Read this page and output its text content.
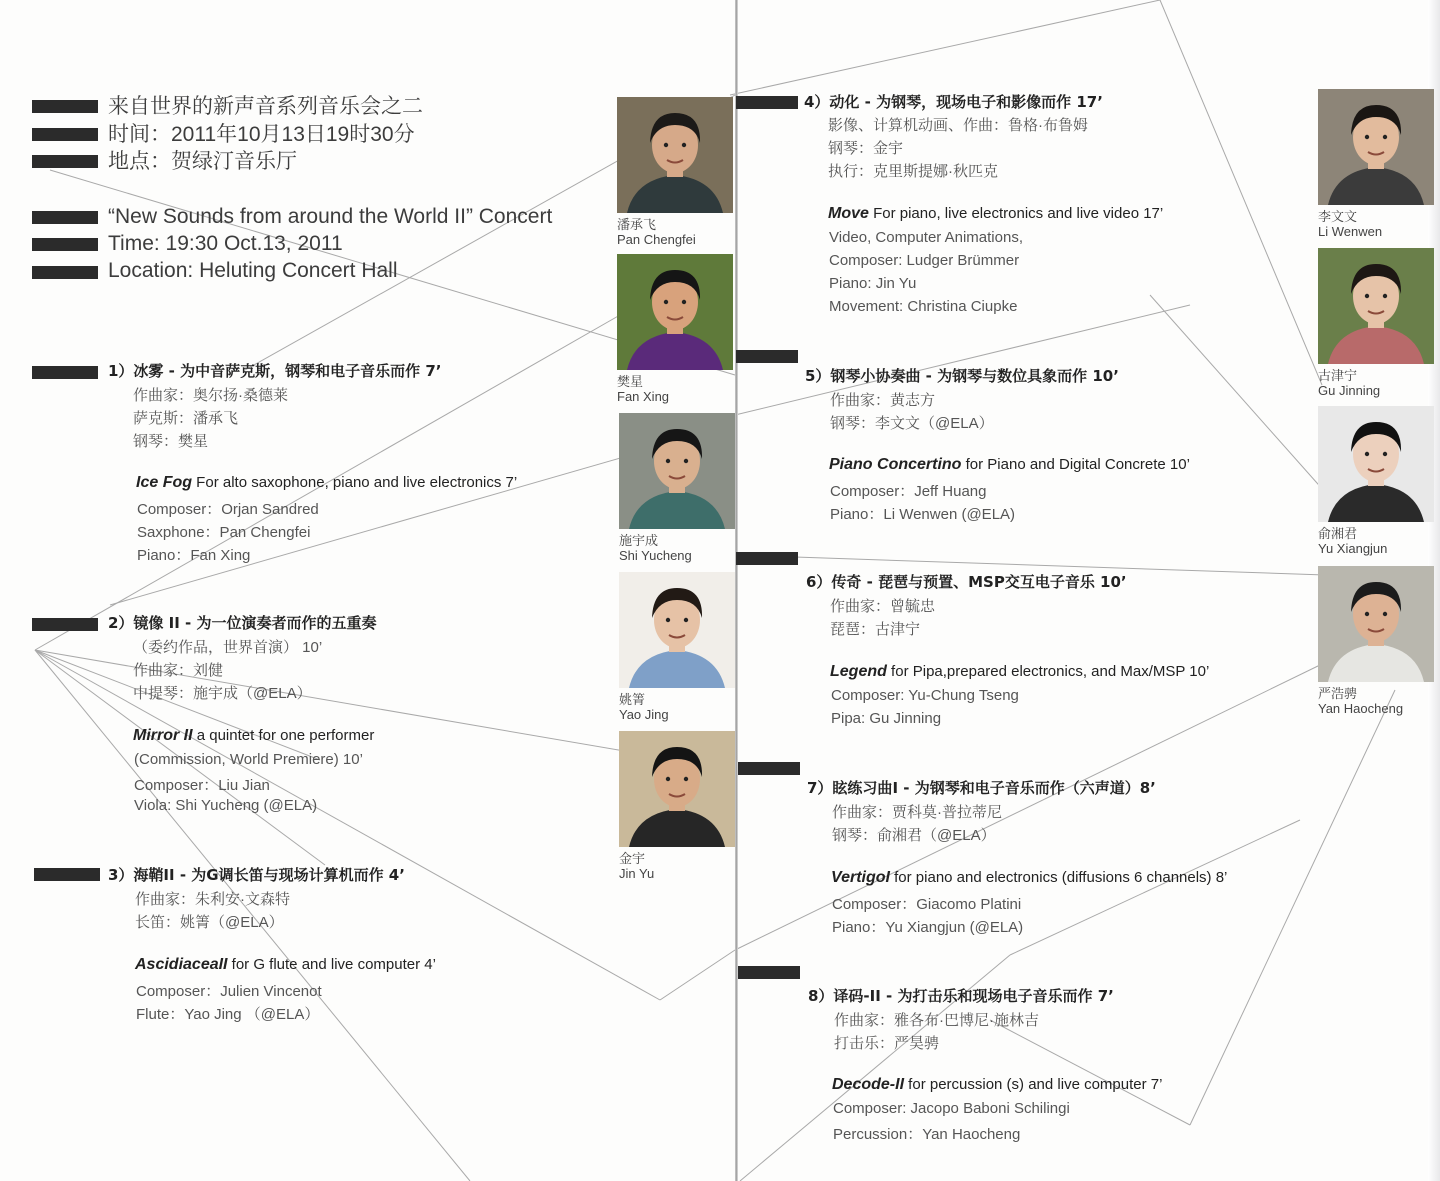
来自世界的新声音系列音乐会之二
时间：2011年10月13日19时30分
地点：贺绿汀音乐厅
“New Sounds from around the World II” Concert
Time: 19:30 Oct.13, 2011
Location: Heluting Concert Hall
1）冰雾 - 为中音萨克斯，钢琴和电子音乐而作 7’
作曲家：奥尔扬·桑德莱
萨克斯：潘承飞
钢琴：樊星
Ice Fog For alto saxophone, piano and live electronics 7’
Composer：Orjan Sandred
Saxphone：Pan Chengfei
Piano：Fan Xing
2）镜像 II - 为一位演奏者而作的五重奏
（委约作品，世界首演） 10’
作曲家：刘健
中提琴：施宇成（@ELA）
Mirror II a quintet for one performer
(Commission, World Premiere) 10’
Composer：Liu Jian
Viola: Shi Yucheng (@ELA)
3）海鞘II - 为G调长笛与现场计算机而作 4’
作曲家：朱利安·文森特
长笛：姚箐（@ELA）
AscidiaceaII for G flute and live computer 4’
Composer：Julien Vincenot
Flute：Yao Jing （@ELA）
4）动化 - 为钢琴，现场电子和影像而作 17’
影像、计算机动画、作曲：鲁格·布鲁姆
钢琴：金宇
执行：克里斯提娜·秋匹克
Move For piano, live electronics and live video 17’
Video, Computer Animations,
Composer: Ludger Brümmer
Piano: Jin Yu
Movement: Christina Ciupke
5）钢琴小协奏曲 - 为钢琴与数位具象而作 10’
作曲家：黄志方
钢琴：李文文（@ELA）
Piano Concertino for Piano and Digital Concrete 10’
Composer：Jeff Huang
Piano：Li Wenwen (@ELA)
6）传奇 - 琵琶与预置、MSP交互电子音乐 10’
作曲家：曾毓忠
琵琶：古津宁
Legend for Pipa,prepared electronics, and Max/MSP 10’
Composer: Yu-Chung Tseng
Pipa: Gu Jinning
7）眩练习曲I - 为钢琴和电子音乐而作（六声道）8’
作曲家：贾科莫·普拉蒂尼
钢琴：俞湘君（@ELA）
VertigoI for piano and electronics (diffusions 6 channels) 8’
Composer：Giacomo Platini
Piano：Yu Xiangjun (@ELA)
8）译码-II - 为打击乐和现场电子音乐而作 7’
作曲家：雅各布·巴博尼·施林吉
打击乐：严昊骋
Decode-II for percussion (s) and live computer 7’
Composer: Jacopo Baboni Schilingi
Percussion：Yan Haocheng
潘承飞
Pan Chengfei
樊星
Fan Xing
施宇成
Shi Yucheng
姚箐
Yao Jing
金宇
Jin Yu
李文文
Li Wenwen
古津宁
Gu Jinning
俞湘君
Yu Xiangjun
严浩骋
Yan Haocheng
